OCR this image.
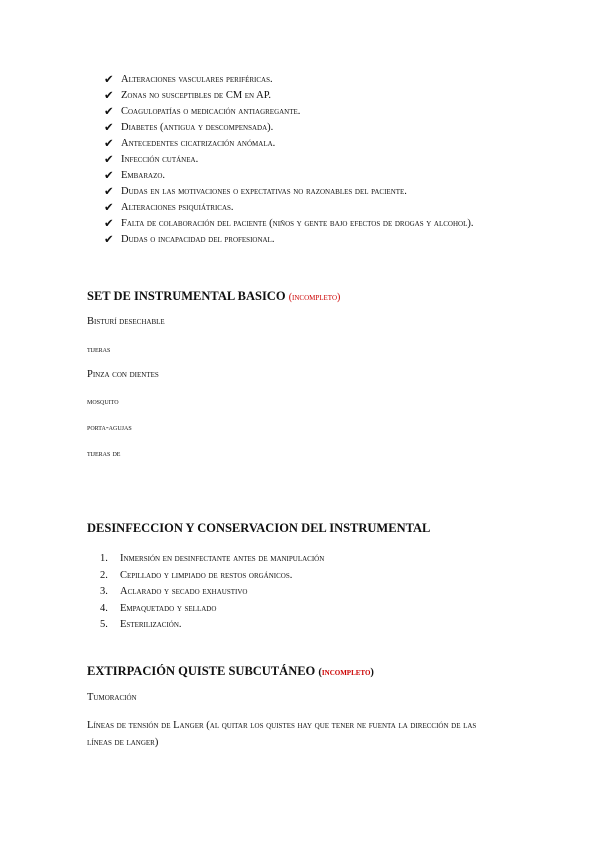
✔ Alteraciones vasculares periféricas.
✔ Zonas no susceptibles de CM en AP.
✔ Coagulopatías o medicación antiagregante.
✔ Diabetes (antigua y descompensada).
✔ Antecedentes cicatrización anómala.
✔ Infección cutánea.
✔ Embarazo.
✔ Dudas en las motivaciones o expectativas no razonables del paciente.
✔ Alteraciones psiquiátricas.
✔ Falta de colaboración del paciente (niños y gente bajo efectos de drogas y alcohol).
✔ Dudas o incapacidad del profesional.
SET DE INSTRUMENTAL BASICO (incompleto)
Bisturí desechable
tijeras
Pinza con dientes
mosquito
porta-agujas
tijeras de
DESINFECCION Y CONSERVACION DEL INSTRUMENTAL
1.	Inmersión en desinfectante antes de manipulación
2.	Cepillado y limpiado de restos orgánicos.
3.	Aclarado y secado exhaustivo
4.	Empaquetado y sellado
5.	Esterilización.
EXTIRPACIÓN QUISTE SUBCUTÁNEO (incompleto)
Tumoración
Líneas de tensión de Langer (al quitar los quistes hay que tener ne fuenta la dirección de las líneas de langer)
